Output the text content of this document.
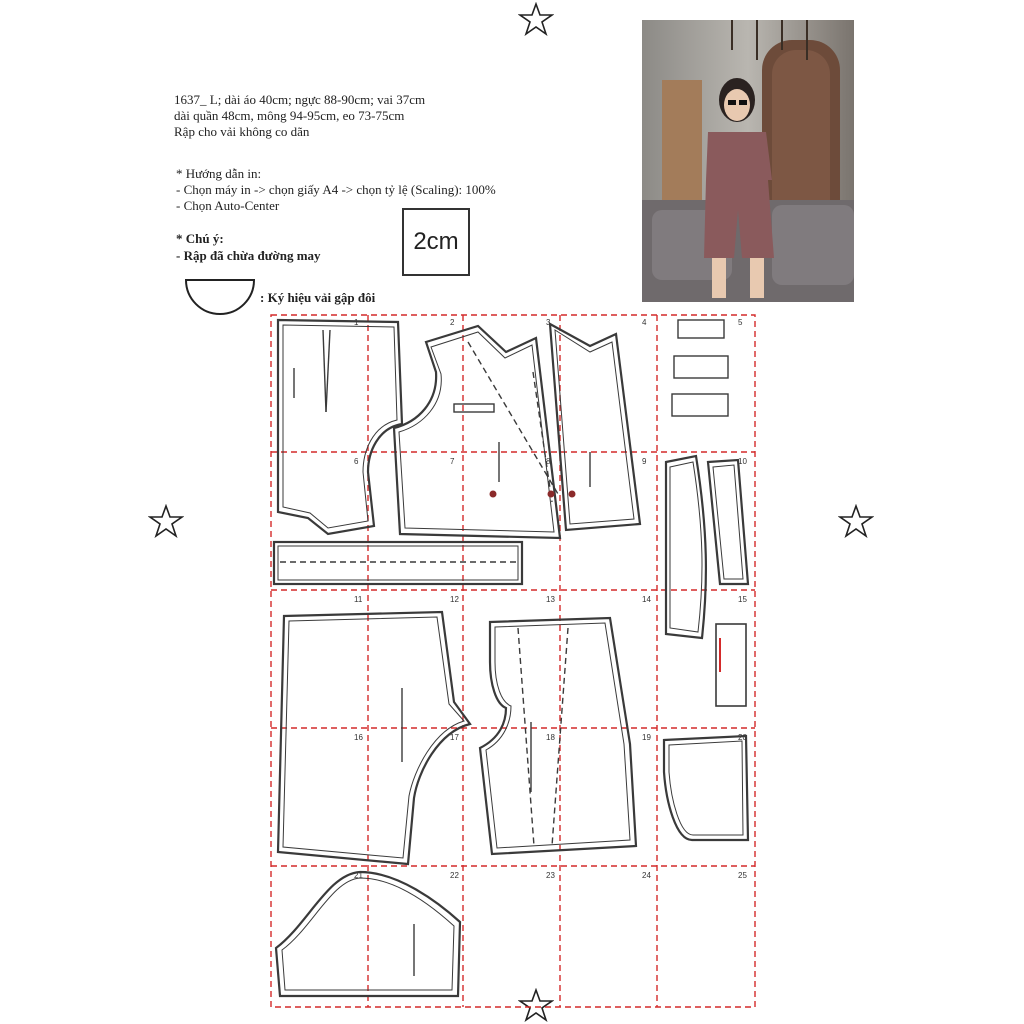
1637_ L; dài áo 40cm; ngực 88-90cm; vai 37cm
dài quần 48cm, mông 94-95cm, eo 73-75cm
Rập cho vải không co dãn
* Hướng dẫn in:
- Chọn máy in -> chọn giấy A4 -> chọn tỷ lệ (Scaling): 100%
- Chọn Auto-Center
* Chú ý:
- Rập đã chừa đường may
2cm
: Ký hiệu vải gập đôi
1	2	3	4	5
6	7	8	9	10
11	12	13	14	15
16	17	18	19	20
21	22	23	24	25
